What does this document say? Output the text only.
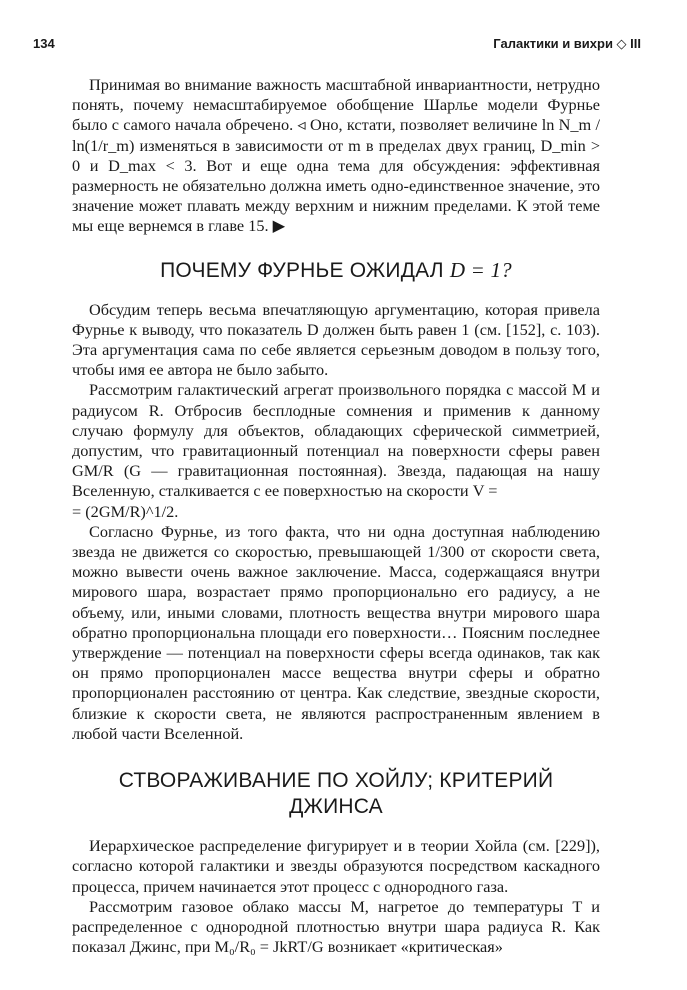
134	Галактики и вихри ◇ III

Принимая во внимание важность масштабной инвариантности, нетрудно понять, почему немасштабируемое обобщение Шарлье модели Фурнье было с самого начала обречено. ◃ Оно, кстати, позволяет величине ln N_m / ln(1/r_m) изменяться в зависимости от m в пределах двух границ, D_min > 0 и D_max < 3. Вот и еще одна тема для обсуждения: эффективная размерность не обязательно должна иметь одно-единственное значение, это значение может плавать между верхним и нижним пределами. К этой теме мы еще вернемся в главе 15. ▶

ПОЧЕМУ ФУРНЬЕ ОЖИДАЛ D = 1?

Обсудим теперь весьма впечатляющую аргументацию, которая привела Фурнье к выводу, что показатель D должен быть равен 1 (см. [152], с. 103). Эта аргументация сама по себе является серьезным доводом в пользу того, чтобы имя ее автора не было забыто.

Рассмотрим галактический агрегат произвольного порядка с массой M и радиусом R. Отбросив бесплодные сомнения и применив к данному случаю формулу для объектов, обладающих сферической симметрией, допустим, что гравитационный потенциал на поверхности сферы равен GM/R (G — гравитационная постоянная). Звезда, падающая на нашу Вселенную, сталкивается с ее поверхностью на скорости V =

= (2GM/R)^1/2.

Согласно Фурнье, из того факта, что ни одна доступная наблюдению звезда не движется со скоростью, превышающей 1/300 от скорости света, можно вывести очень важное заключение. Масса, содержащаяся внутри мирового шара, возрастает прямо пропорционально его радиусу, а не объему, или, иными словами, плотность вещества внутри мирового шара обратно пропорциональна площади его поверхности… Поясним последнее утверждение — потенциал на поверхности сферы всегда одинаков, так как он прямо пропорционален массе вещества внутри сферы и обратно пропорционален расстоянию от центра. Как следствие, звездные скорости, близкие к скорости света, не являются распространенным явлением в любой части Вселенной.

СТВОРАЖИВАНИЕ ПО ХОЙЛУ; КРИТЕРИЙ ДЖИНСА

Иерархическое распределение фигурирует и в теории Хойла (см. [229]), согласно которой галактики и звезды образуются посредством каскадного процесса, причем начинается этот процесс с однородного газа.

Рассмотрим газовое облако массы M, нагретое до температуры T и распределенное с однородной плотностью внутри шара радиуса R. Как показал Джинс, при M₀/R₀ = JkRT/G возникает «критическая»
